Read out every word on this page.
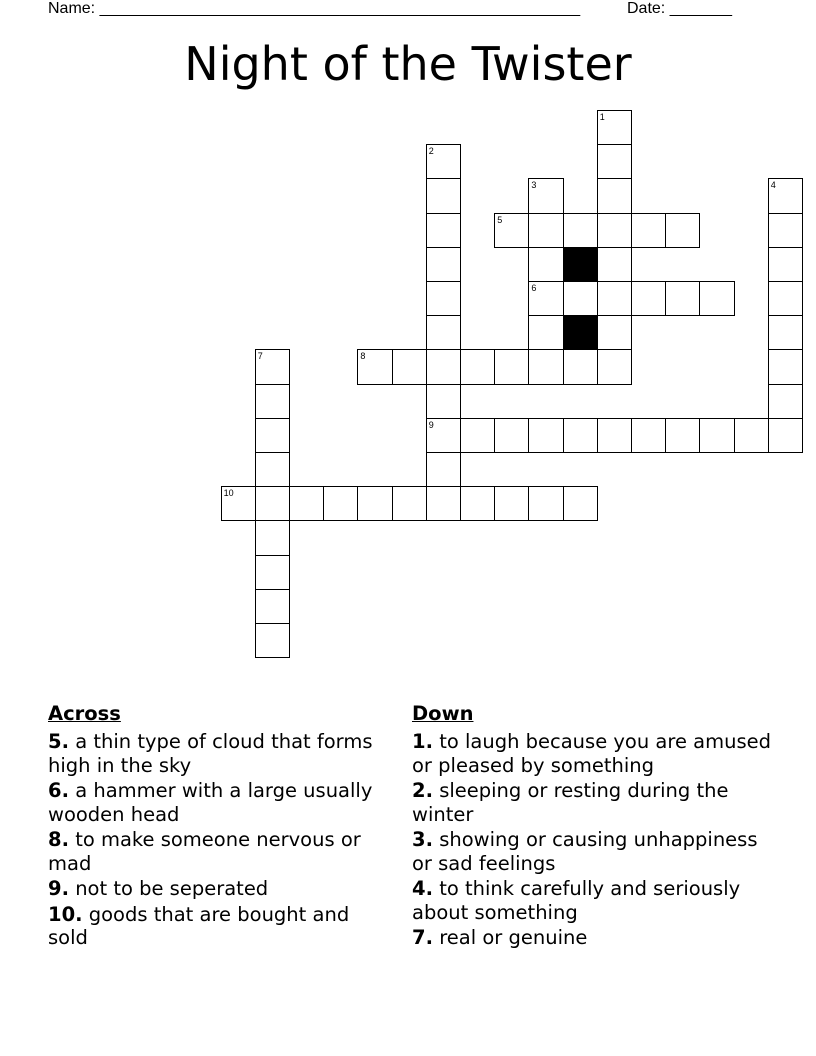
Name: ______________________________________________________	Date: _______
Night of the Twister
1
2
9
3
6
4
5
7	8
10
Across
5. a thin type of cloud that forms high in the sky
6. a hammer with a large usually wooden head
8. to make someone nervous or mad
9. not to be seperated
10. goods that are bought and sold
Down
1. to laugh because you are amused or pleased by something
2. sleeping or resting during the winter
3. showing or causing unhappiness or sad feelings
4. to think carefully and seriously about something
7. real or genuine
